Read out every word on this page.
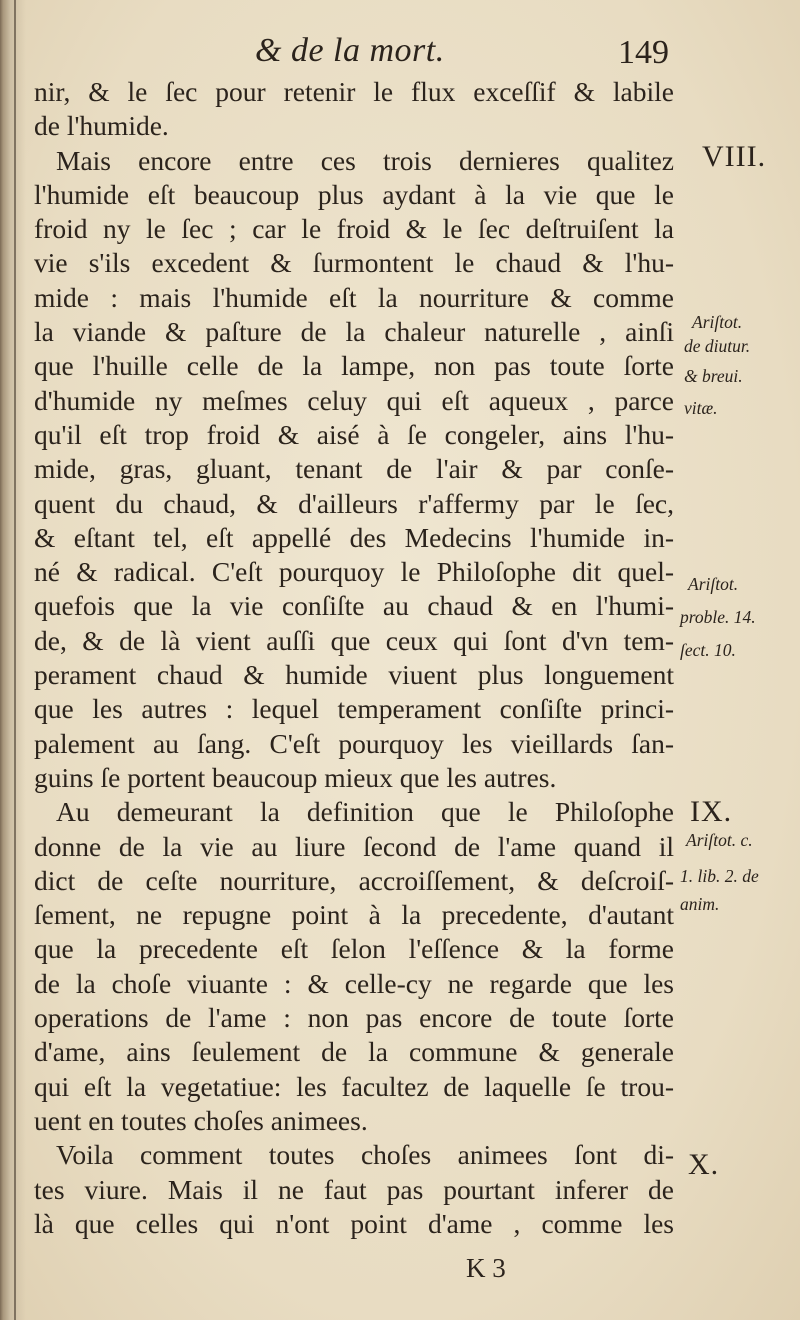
& de la mort.	149
nir, & le ſec pour retenir le flux exceſſif & labile
de l'humide.
Mais encore entre ces trois dernieres qualitez
l'humide eſt beaucoup plus aydant à la vie que le
froid ny le ſec ; car le froid & le ſec deſtruiſent la
vie s'ils excedent & ſurmontent le chaud & l'hu-
mide : mais l'humide eſt la nourriture & comme
la viande & paſture de la chaleur naturelle , ainſi
que l'huille celle de la lampe, non pas toute ſorte
d'humide ny meſmes celuy qui eſt aqueux , parce
qu'il eſt trop froid & aisé à ſe congeler, ains l'hu-
mide, gras, gluant, tenant de l'air & par conſe-
quent du chaud, & d'ailleurs r'affermy par le ſec,
& eſtant tel, eſt appellé des Medecins l'humide in-
né & radical. C'eſt pourquoy le Philoſophe dit quel-
quefois que la vie conſiſte au chaud & en l'humi-
de, & de là vient auſſi que ceux qui ſont d'vn tem-
perament chaud & humide viuent plus longuement
que les autres : lequel temperament conſiſte princi-
palement au ſang. C'eſt pourquoy les vieillards ſan-
guins ſe portent beaucoup mieux que les autres.
Au demeurant la definition que le Philoſophe
donne de la vie au liure ſecond de l'ame quand il
dict de ceſte nourriture, accroiſſement, & deſcroiſ-
ſement, ne repugne point à la precedente, d'autant
que la precedente eſt ſelon l'eſſence & la forme
de la choſe viuante : & celle-cy ne regarde que les
operations de l'ame : non pas encore de toute ſorte
d'ame, ains ſeulement de la commune & generale
qui eſt la vegetatiue: les facultez de laquelle ſe trou-
uent en toutes choſes animees.
Voila comment toutes choſes animees ſont di-
tes viure. Mais il ne faut pas pourtant inferer de
là que celles qui n'ont point d'ame , comme les
VIII.
IX.
X.
Ariſtot.
de diutur.
& breui.
vitæ.
Ariſtot.
proble. 14.
ſect. 10.
Ariſtot. c.
1. lib. 2. de
anim.
K 3
